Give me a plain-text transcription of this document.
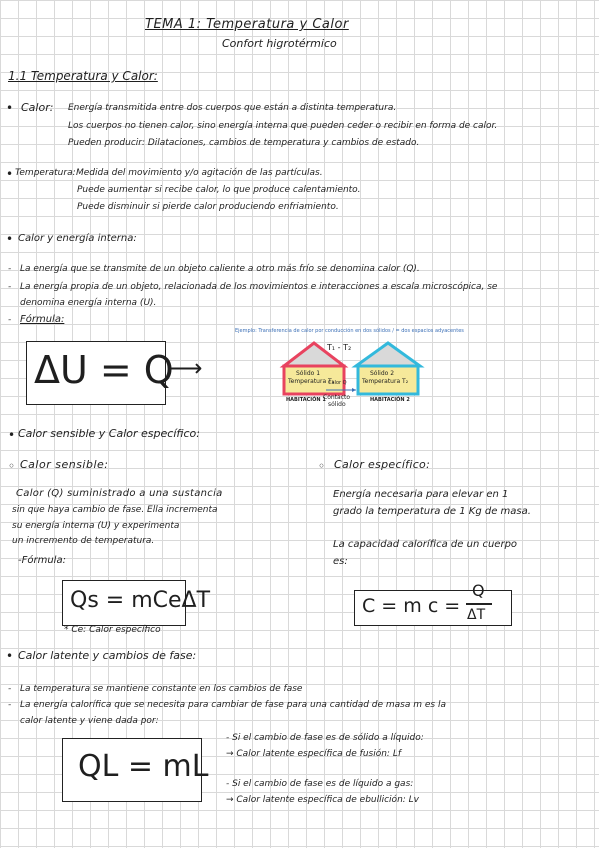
TEMA 1: Temperatura y Calor
Confort higrotérmico
1.1 Temperatura y Calor:
• Calor: Energía transmitida entre dos cuerpos que están a distinta temperatura.
Los cuerpos no tienen calor, sino energía interna que pueden ceder o recibir en forma de calor.
Pueden producir: Dilataciones, cambios de temperatura y cambios de estado.
• Temperatura: Medida del movimiento y/o agitación de las partículas.
Puede aumentar si recibe calor, lo que produce calentamiento.
Puede disminuir si pierde calor produciendo enfriamiento.
• Calor y energía interna:
- La energía que se transmite de un objeto caliente a otro más frío se denomina calor (Q).
- La energía propia de un objeto, relacionada de los movimientos e interacciones a escala microscópica, se
denomina energía interna (U).
- Fórmula:
ΔU = Q
⟶
Ejemplo: Transferencia de calor por conducción en dos sólidos / = dos espacios adyacentes
T₁ - T₂
Sólido 1
Temperatura T₁
Sólido 2
Temperatura T₂
Calor Q
Contacto
sólido
HABITACIÓN 1	HABITACIÓN 2
• Calor sensible y Calor específico:
◦ Calor sensible:
Calor (Q) suministrado a una sustancia
sin que haya cambio de fase. Ella incrementa
su energía interna (U) y experimenta
un incremento de temperatura.
-Fórmula:
Qs = mCeΔT
* Ce: Calor específico
◦ Calor específico:
Energía necesaria para elevar en 1
grado la temperatura de 1 Kg de masa.
La capacidad calorífica de un cuerpo
es:
C = m c =
Q
ΔT
• Calor latente y cambios de fase:
- La temperatura se mantiene constante en los cambios de fase
- La energía calorífica que se necesita para cambiar de fase para una cantidad de masa m es la
calor latente y viene dada por:
QL = mL
- Si el cambio de fase es de sólido a líquido:
→ Calor latente específica de fusión: Lf
- Si el cambio de fase es de líquido a gas:
→ Calor latente específica de ebullición: Lv
